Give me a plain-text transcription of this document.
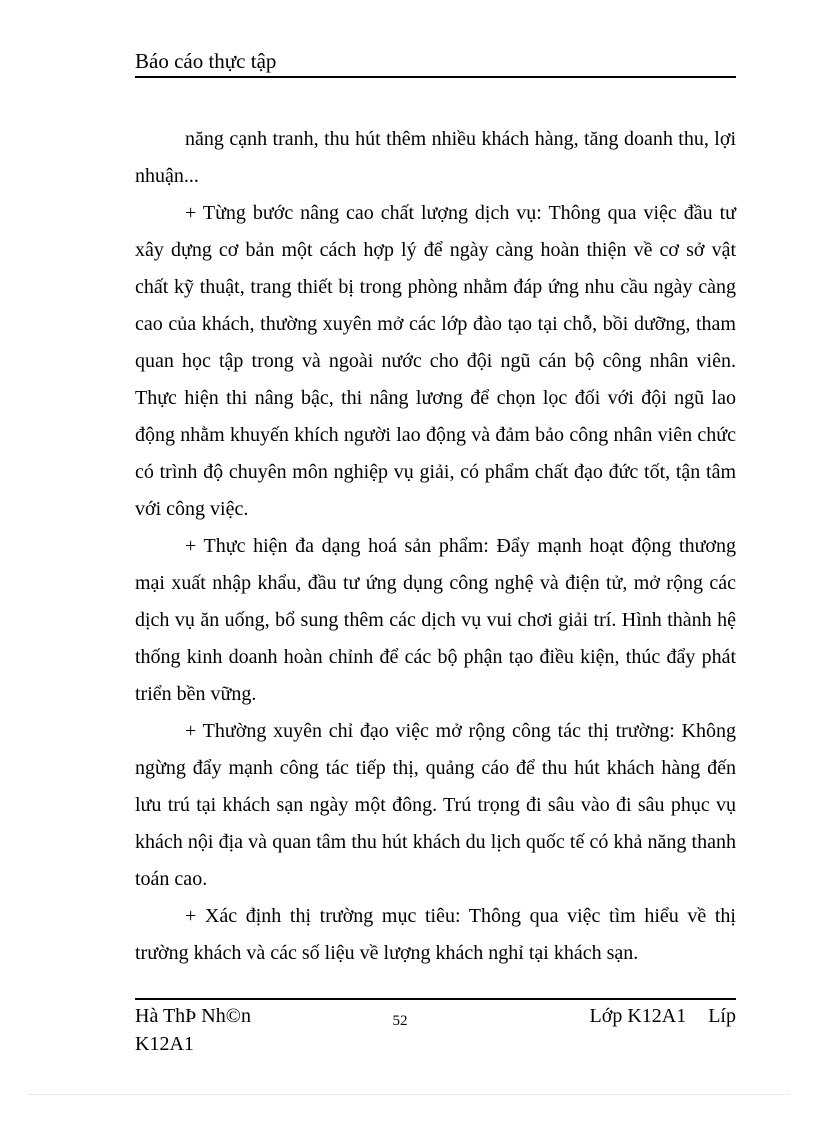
Báo cáo thực tập

năng cạnh tranh, thu hút thêm nhiều khách hàng, tăng doanh thu, lợi nhuận...

+ Từng bước nâng cao chất lượng dịch vụ: Thông qua việc đầu tư xây dựng cơ bản một cách hợp lý để ngày càng hoàn thiện về cơ sở vật chất kỹ thuật, trang thiết bị trong phòng nhằm đáp ứng nhu cầu ngày càng cao của khách, thường xuyên mở các lớp đào tạo tại chỗ, bồi dưỡng, tham quan học tập trong và ngoài nước cho đội ngũ cán bộ công nhân viên. Thực hiện thi nâng bậc, thi nâng lương để chọn lọc đối với đội ngũ lao động nhằm khuyến khích người lao động và đảm bảo công nhân viên chức có trình độ chuyên môn nghiệp vụ giải, có phẩm chất đạo đức tốt, tận tâm với công việc.

+ Thực hiện đa dạng hoá sản phẩm: Đẩy mạnh hoạt động thương mại xuất nhập khẩu, đầu tư ứng dụng công nghệ và điện tử, mở rộng các dịch vụ ăn uống, bổ sung thêm các dịch vụ vui chơi giải trí. Hình thành hệ thống kinh doanh hoàn chỉnh để các bộ phận tạo điều kiện, thúc đẩy phát triển bền vững.

+ Thường xuyên chỉ đạo việc mở rộng công tác thị trường: Không ngừng đẩy mạnh công tác tiếp thị, quảng cáo để thu hút khách hàng đến lưu trú tại khách sạn ngày một đông. Trú trọng đi sâu vào đi sâu phục vụ khách nội địa và quan tâm thu hút khách du lịch quốc tế có khả năng thanh toán cao.

+ Xác định thị trường mục tiêu: Thông qua việc tìm hiểu về thị trường khách và các số liệu về lượng khách nghỉ tại khách sạn.

Hà ThÞ Nh©n
K12A1
52	Lớp K12A1 Líp
